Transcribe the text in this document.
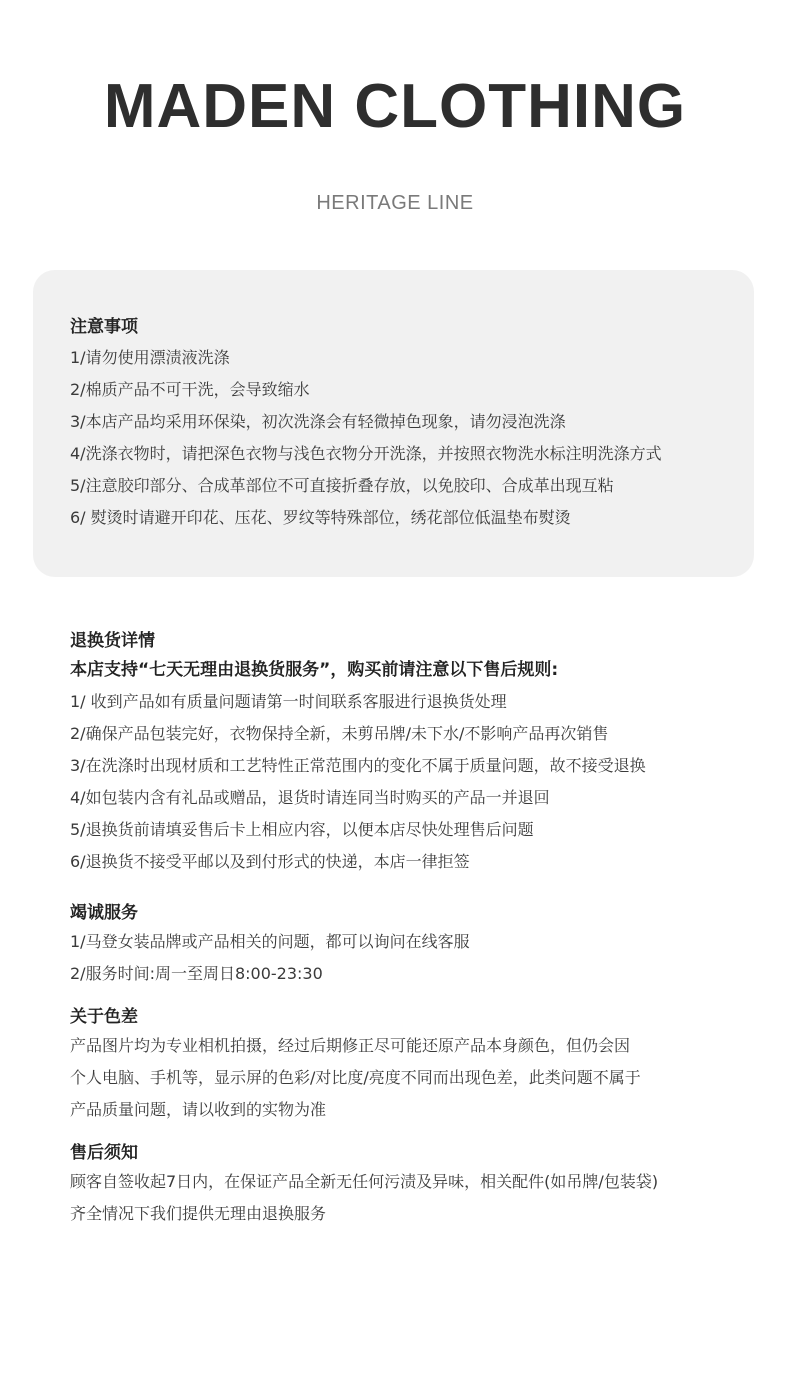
MADEN CLOTHING
HERITAGE LINE
注意事项
1/请勿使用漂渍液洗涤
2/棉质产品不可干洗，会导致缩水
3/本店产品均采用环保染，初次洗涤会有轻微掉色现象，请勿浸泡洗涤
4/洗涤衣物时，请把深色衣物与浅色衣物分开洗涤，并按照衣物洗水标注明洗涤方式
5/注意胶印部分、合成革部位不可直接折叠存放，以免胶印、合成革出现互粘
6/ 熨烫时请避开印花、压花、罗纹等特殊部位，绣花部位低温垫布熨烫
退换货详情
本店支持“七天无理由退换货服务”，购买前请注意以下售后规则:
1/ 收到产品如有质量问题请第一时间联系客服进行退换货处理
2/确保产品包装完好，衣物保持全新，未剪吊牌/未下水/不影响产品再次销售
3/在洗涤时出现材质和工艺特性正常范围内的变化不属于质量问题，故不接受退换
4/如包装内含有礼品或赠品，退货时请连同当时购买的产品一并退回
5/退换货前请填妥售后卡上相应内容，以便本店尽快处理售后问题
6/退换货不接受平邮以及到付形式的快递，本店一律拒签
竭诚服务
1/马登女装品牌或产品相关的问题，都可以询问在线客服
2/服务时间:周一至周日8:00-23:30
关于色差
产品图片均为专业相机拍摄，经过后期修正尽可能还原产品本身颜色，但仍会因
个人电脑、手机等，显示屏的色彩/对比度/亮度不同而出现色差，此类问题不属于
产品质量问题，请以收到的实物为准
售后须知
顾客自签收起7日内，在保证产品全新无任何污渍及异味，相关配件(如吊牌/包装袋)
齐全情况下我们提供无理由退换服务
